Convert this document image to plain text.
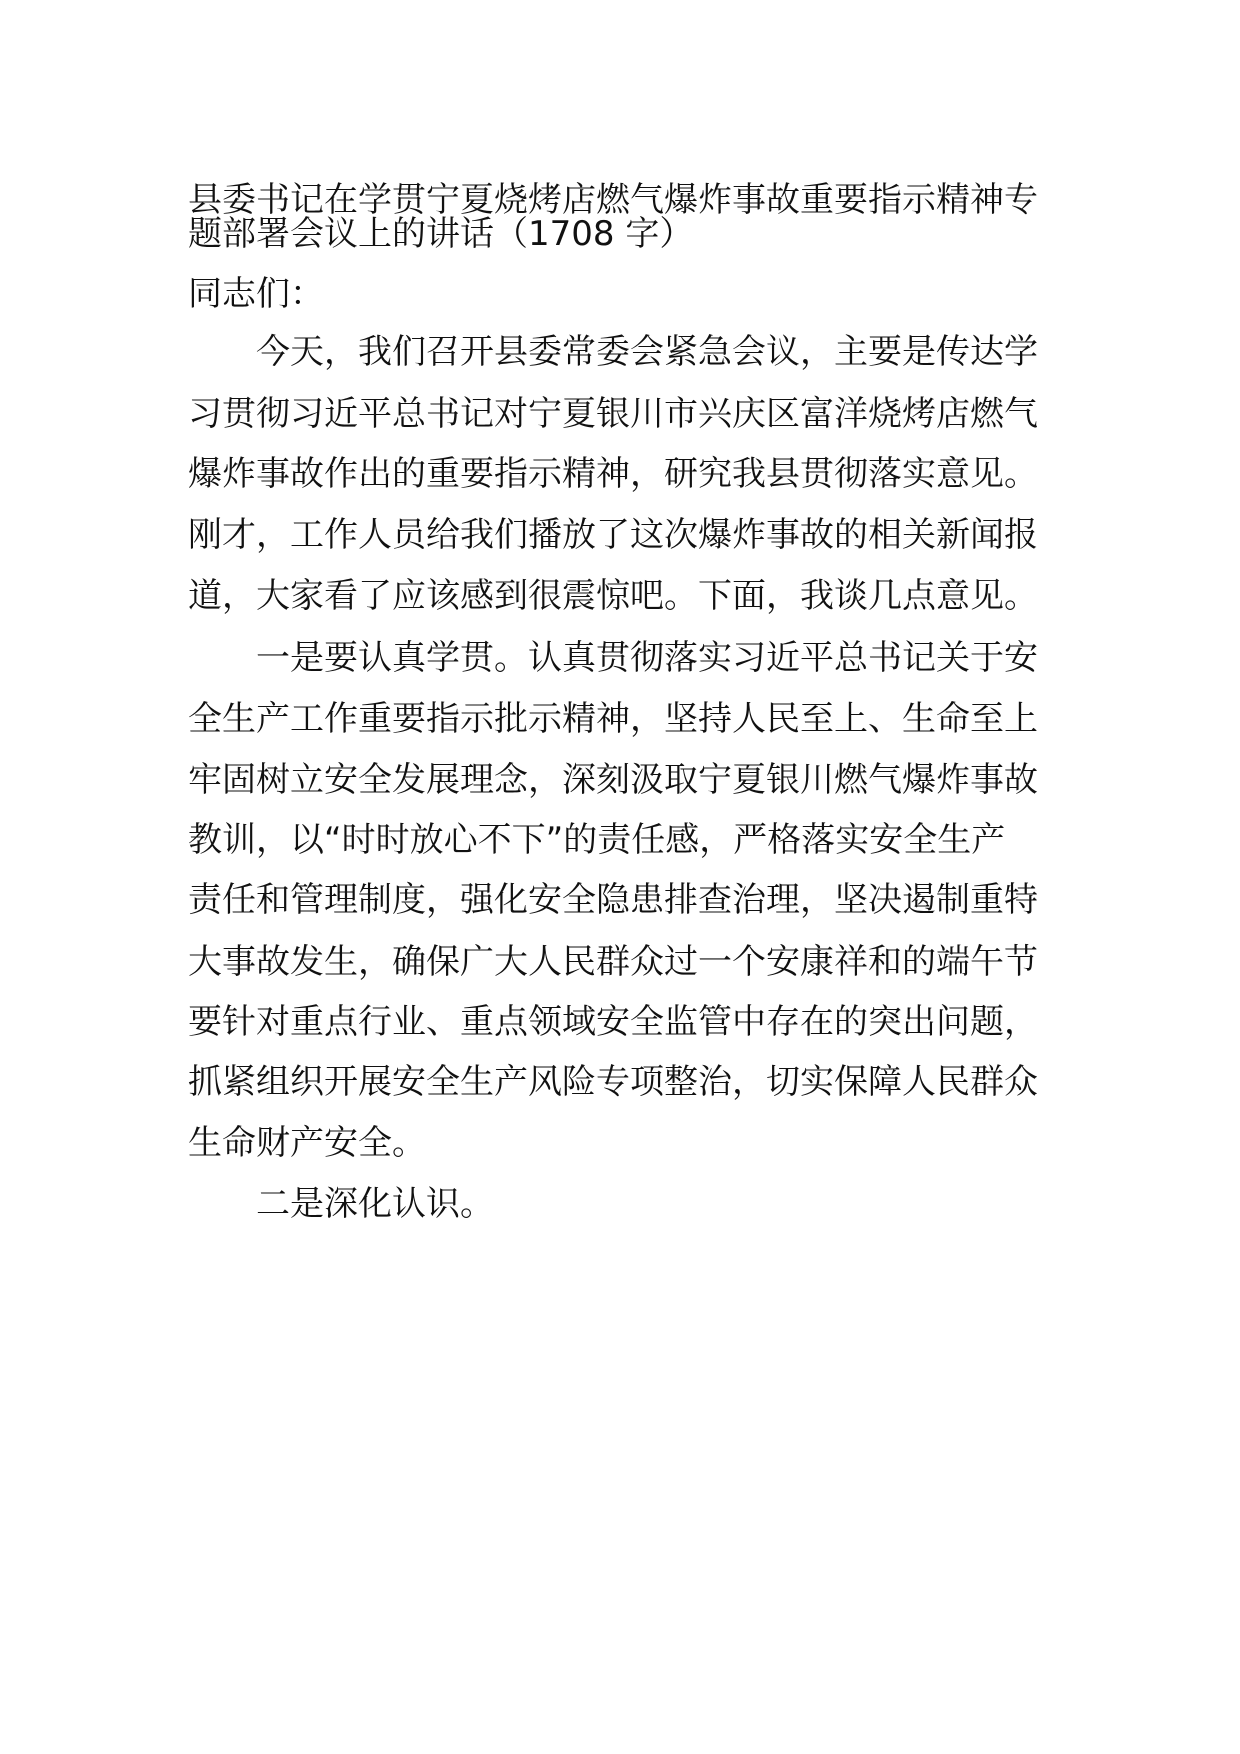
县委书记在学贯宁夏烧烤店燃气爆炸事故重要指示精神专
题部署会议上的讲话（1708 字）
同志们：
今天，我们召开县委常委会紧急会议，主要是传达学
习贯彻习近平总书记对宁夏银川市兴庆区富洋烧烤店燃气
爆炸事故作出的重要指示精神，研究我县贯彻落实意见。
刚才，工作人员给我们播放了这次爆炸事故的相关新闻报
道，大家看了应该感到很震惊吧。下面，我谈几点意见。
一是要认真学贯。认真贯彻落实习近平总书记关于安
全生产工作重要指示批示精神，坚持人民至上、生命至上
牢固树立安全发展理念，深刻汲取宁夏银川燃气爆炸事故
教训，以“时时放心不下”的责任感，严格落实安全生产
责任和管理制度，强化安全隐患排查治理，坚决遏制重特
大事故发生，确保广大人民群众过一个安康祥和的端午节
要针对重点行业、重点领域安全监管中存在的突出问题，
抓紧组织开展安全生产风险专项整治，切实保障人民群众
生命财产安全。
二是深化认识。
